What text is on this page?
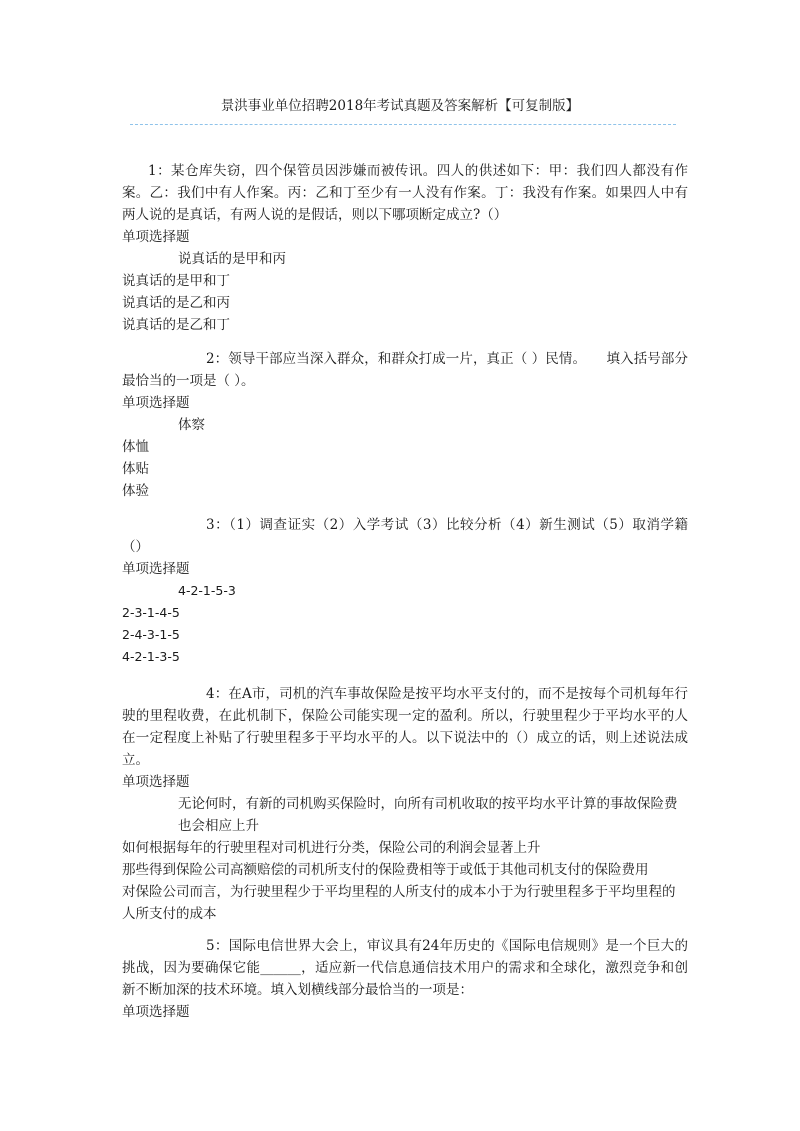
景洪事业单位招聘2018年考试真题及答案解析【可复制版】
1：某仓库失窃，四个保管员因涉嫌而被传讯。四人的供述如下：甲：我们四人都没有作案。乙：我们中有人作案。丙：乙和丁至少有一人没有作案。丁：我没有作案。如果四人中有两人说的是真话，有两人说的是假话，则以下哪项断定成立?（）
单项选择题
说真话的是甲和丙
说真话的是甲和丁
说真话的是乙和丙
说真话的是乙和丁
2：领导干部应当深入群众，和群众打成一片，真正（ ）民情。　　填入括号部分最恰当的一项是（ ）。
单项选择题
体察
体恤
体贴
体验
3：（1）调查证实（2）入学考试（3）比较分析（4）新生测试（5）取消学籍（）
单项选择题
4-2-1-5-3
2-3-1-4-5
2-4-3-1-5
4-2-1-3-5
4：在A市，司机的汽车事故保险是按平均水平支付的，而不是按每个司机每年行驶的里程收费，在此机制下，保险公司能实现一定的盈利。所以，行驶里程少于平均水平的人在一定程度上补贴了行驶里程多于平均水平的人。以下说法中的（）成立的话，则上述说法成立。
单项选择题
无论何时，有新的司机购买保险时，向所有司机收取的按平均水平计算的事故保险费也会相应上升
如何根据每年的行驶里程对司机进行分类，保险公司的利润会显著上升
那些得到保险公司高额赔偿的司机所支付的保险费相等于或低于其他司机支付的保险费用
对保险公司而言，为行驶里程少于平均里程的人所支付的成本小于为行驶里程多于平均里程的人所支付的成本
5：国际电信世界大会上，审议具有24年历史的《国际电信规则》是一个巨大的挑战，因为要确保它能______，适应新一代信息通信技术用户的需求和全球化，激烈竞争和创新不断加深的技术环境。填入划横线部分最恰当的一项是：
单项选择题
